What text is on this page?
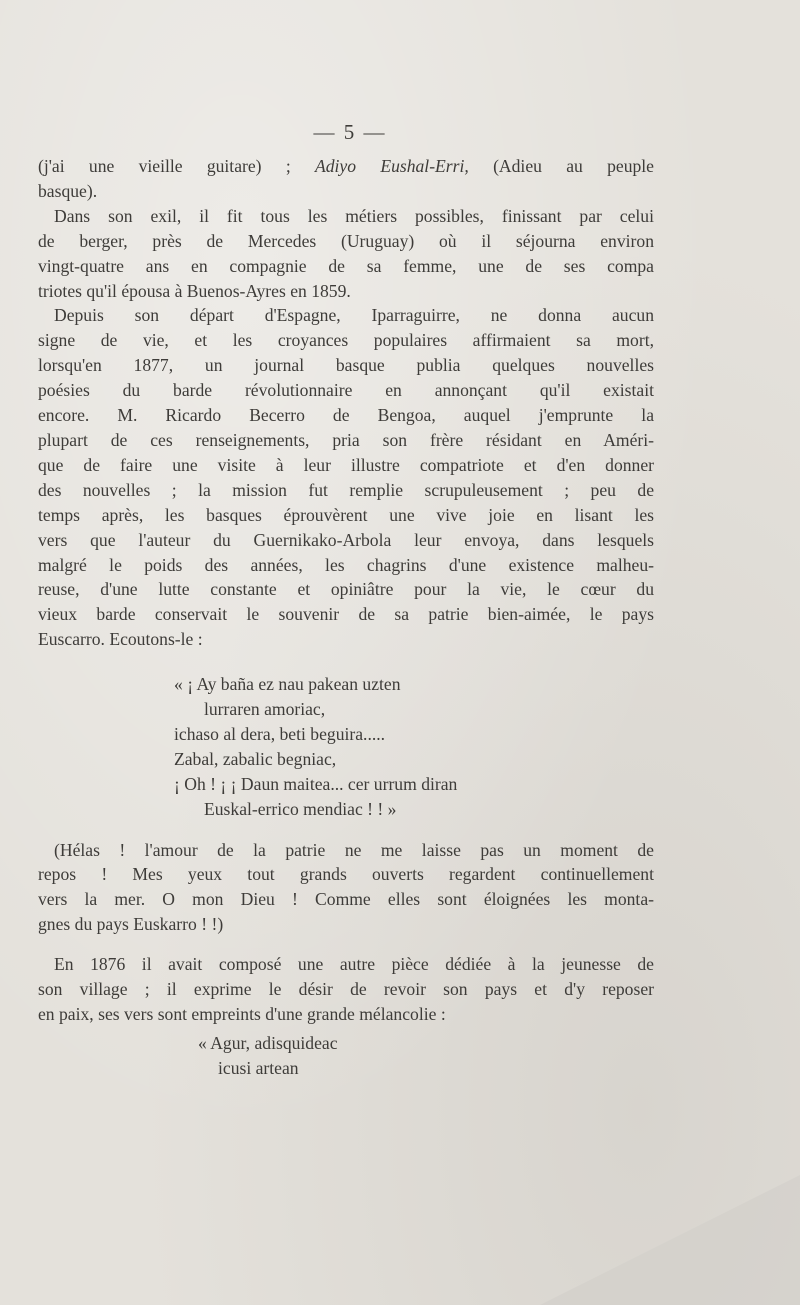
— 5 —
(j'ai une vieille guitare) ; Adiyo Eushal-Erri, (Adieu au peuple
basque).
Dans son exil, il fit tous les métiers possibles, finissant par celui
de berger, près de Mercedes (Uruguay) où il séjourna environ
vingt-quatre ans en compagnie de sa femme, une de ses compa
triotes qu'il épousa à Buenos-Ayres en 1859.
Depuis son départ d'Espagne, Iparraguirre, ne donna aucun
signe de vie, et les croyances populaires affirmaient sa mort,
lorsqu'en 1877, un journal basque publia quelques nouvelles
poésies du barde révolutionnaire en annonçant qu'il existait
encore. M. Ricardo Becerro de Bengoa, auquel j'emprunte la
plupart de ces renseignements, pria son frère résidant en Améri-
que de faire une visite à leur illustre compatriote et d'en donner
des nouvelles ; la mission fut remplie scrupuleusement ; peu de
temps après, les basques éprouvèrent une vive joie en lisant les
vers que l'auteur du Guernikako-Arbola leur envoya, dans lesquels
malgré le poids des années, les chagrins d'une existence malheu-
reuse, d'une lutte constante et opiniâtre pour la vie, le cœur du
vieux barde conservait le souvenir de sa patrie bien-aimée, le pays
Euscarro. Ecoutons-le :
« ¡ Ay baña ez nau pakean uzten
lurraren amoriac,
ichaso al dera, beti beguira.....
Zabal, zabalic begniac,
¡ Oh ! ¡ ¡ Daun maitea... cer urrum diran
Euskal-errico mendiac ! ! »
(Hélas ! l'amour de la patrie ne me laisse pas un moment de
repos ! Mes yeux tout grands ouverts regardent continuellement
vers la mer. O mon Dieu ! Comme elles sont éloignées les monta-
gnes du pays Euskarro ! !)
En 1876 il avait composé une autre pièce dédiée à la jeunesse de
son village ; il exprime le désir de revoir son pays et d'y reposer
en paix, ses vers sont empreints d'une grande mélancolie :
« Agur, adisquideac
icusi artean
